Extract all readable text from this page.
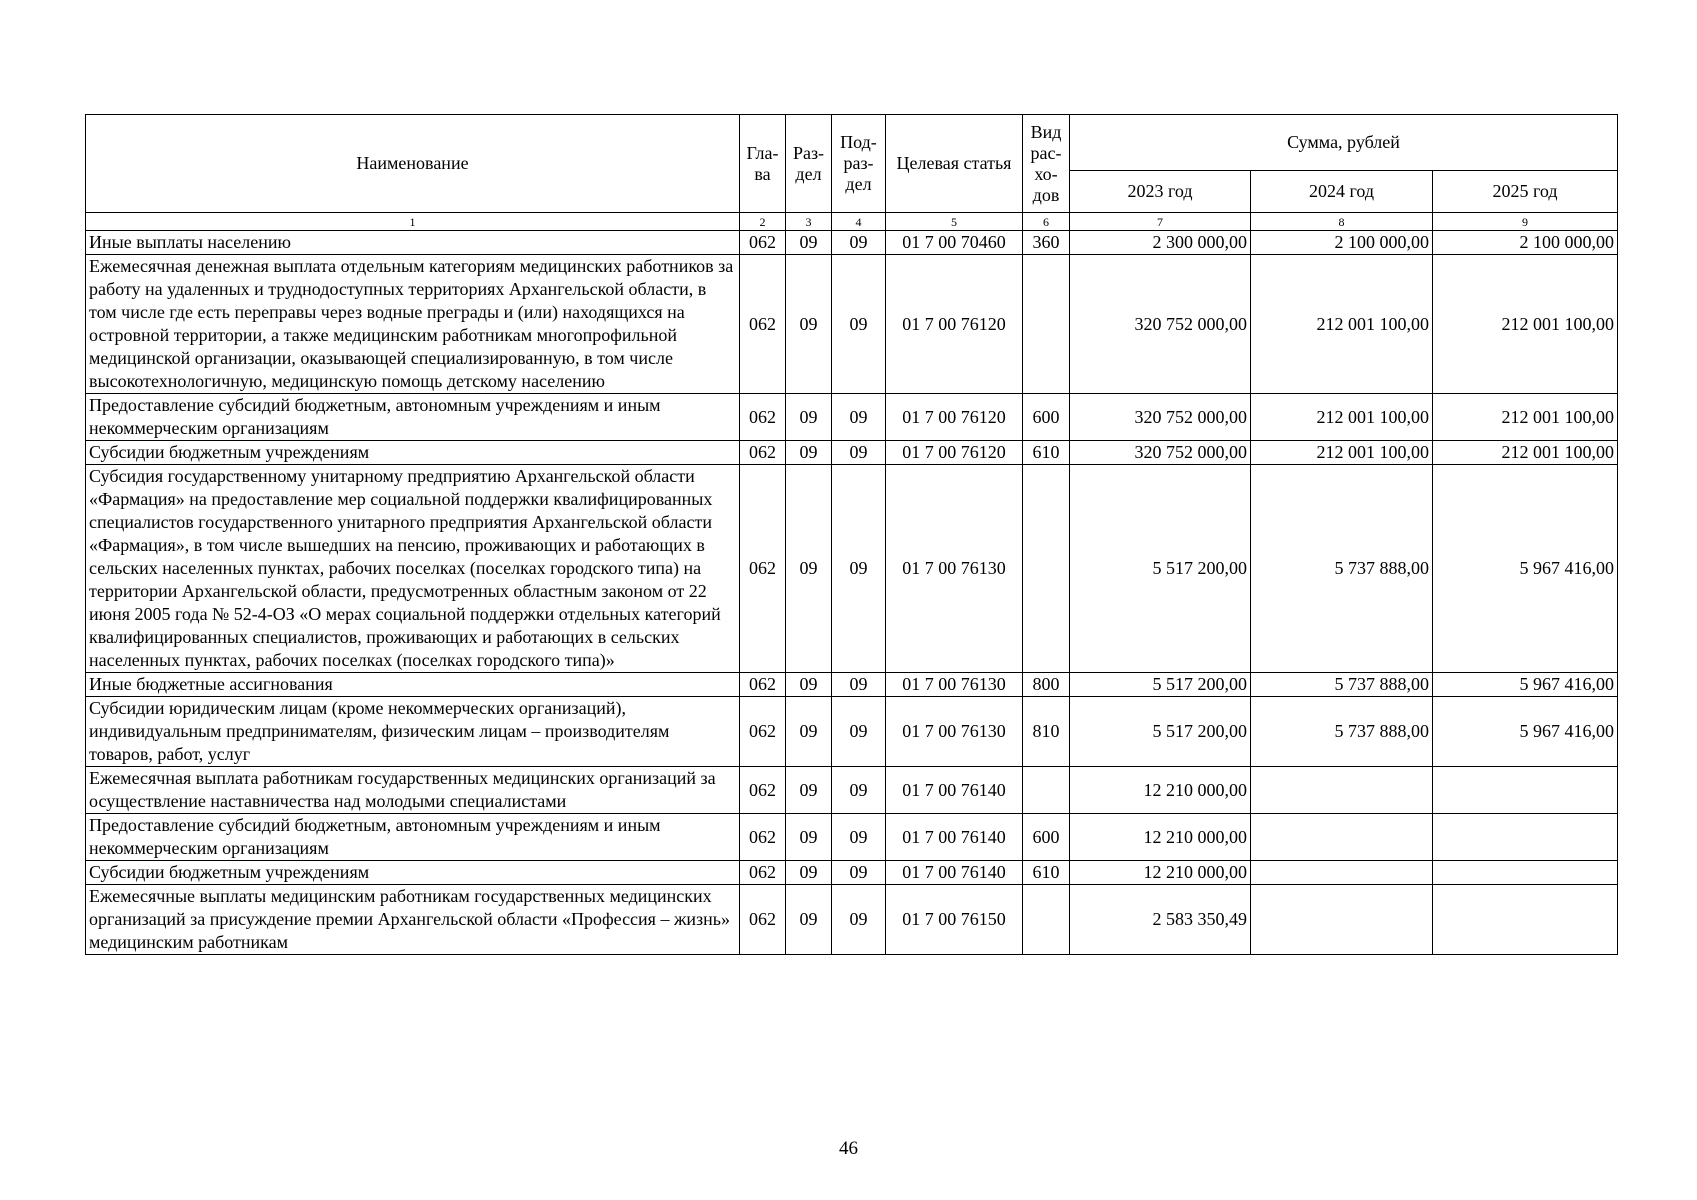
Наименование	Гла- ва	Раз- дел	Под- раз- дел	Целевая статья	Вид рас- хо- дов	Сумма, рублей		
						2023 год	2024 год	2025 год
1	2	3	4	5	6	7	8	9
Иные выплаты населению	062	09	09	01 7 00 70460	360	2 300 000,00	2 100 000,00	2 100 000,00
Ежемесячная денежная выплата отдельным категориям медицинских работников за работу на удаленных и труднодоступных территориях Архангельской области, в том числе где есть переправы через водные преграды и (или) находящихся на островной территории, а также медицинским работникам многопрофильной медицинской организации, оказывающей специализированную, в том числе высокотехнологичную, медицинскую помощь детскому населению	062	09	09	01 7 00 76120		320 752 000,00	212 001 100,00	212 001 100,00
Предоставление субсидий бюджетным, автономным учреждениям и иным некоммерческим организациям	062	09	09	01 7 00 76120	600	320 752 000,00	212 001 100,00	212 001 100,00
Субсидии бюджетным учреждениям	062	09	09	01 7 00 76120	610	320 752 000,00	212 001 100,00	212 001 100,00
Субсидия государственному унитарному предприятию Архангельской области «Фармация» на предоставление мер социальной поддержки квалифицированных специалистов государственного унитарного предприятия Архангельской области «Фармация», в том числе вышедших на пенсию, проживающих и работающих в сельских населенных пунктах, рабочих поселках (поселках городского типа) на территории Архангельской области, предусмотренных областным законом от 22 июня 2005 года № 52-4-ОЗ «О мерах социальной поддержки отдельных категорий квалифицированных специалистов, проживающих и работающих в сельских населенных пунктах, рабочих поселках (поселках городского типа)»	062	09	09	01 7 00 76130		5 517 200,00	5 737 888,00	5 967 416,00
Иные бюджетные ассигнования	062	09	09	01 7 00 76130	800	5 517 200,00	5 737 888,00	5 967 416,00
Субсидии юридическим лицам (кроме некоммерческих организаций), индивидуальным предпринимателям, физическим лицам – производителям товаров, работ, услуг	062	09	09	01 7 00 76130	810	5 517 200,00	5 737 888,00	5 967 416,00
Ежемесячная выплата работникам государственных медицинских организаций за осуществление наставничества над молодыми специалистами	062	09	09	01 7 00 76140		12 210 000,00		
Предоставление субсидий бюджетным, автономным учреждениям и иным некоммерческим организациям	062	09	09	01 7 00 76140	600	12 210 000,00		
Субсидии бюджетным учреждениям	062	09	09	01 7 00 76140	610	12 210 000,00		
Ежемесячные выплаты медицинским работникам государственных медицинских организаций за присуждение премии Архангельской области «Профессия – жизнь» медицинским работникам	062	09	09	01 7 00 76150		2 583 350,49		
46
